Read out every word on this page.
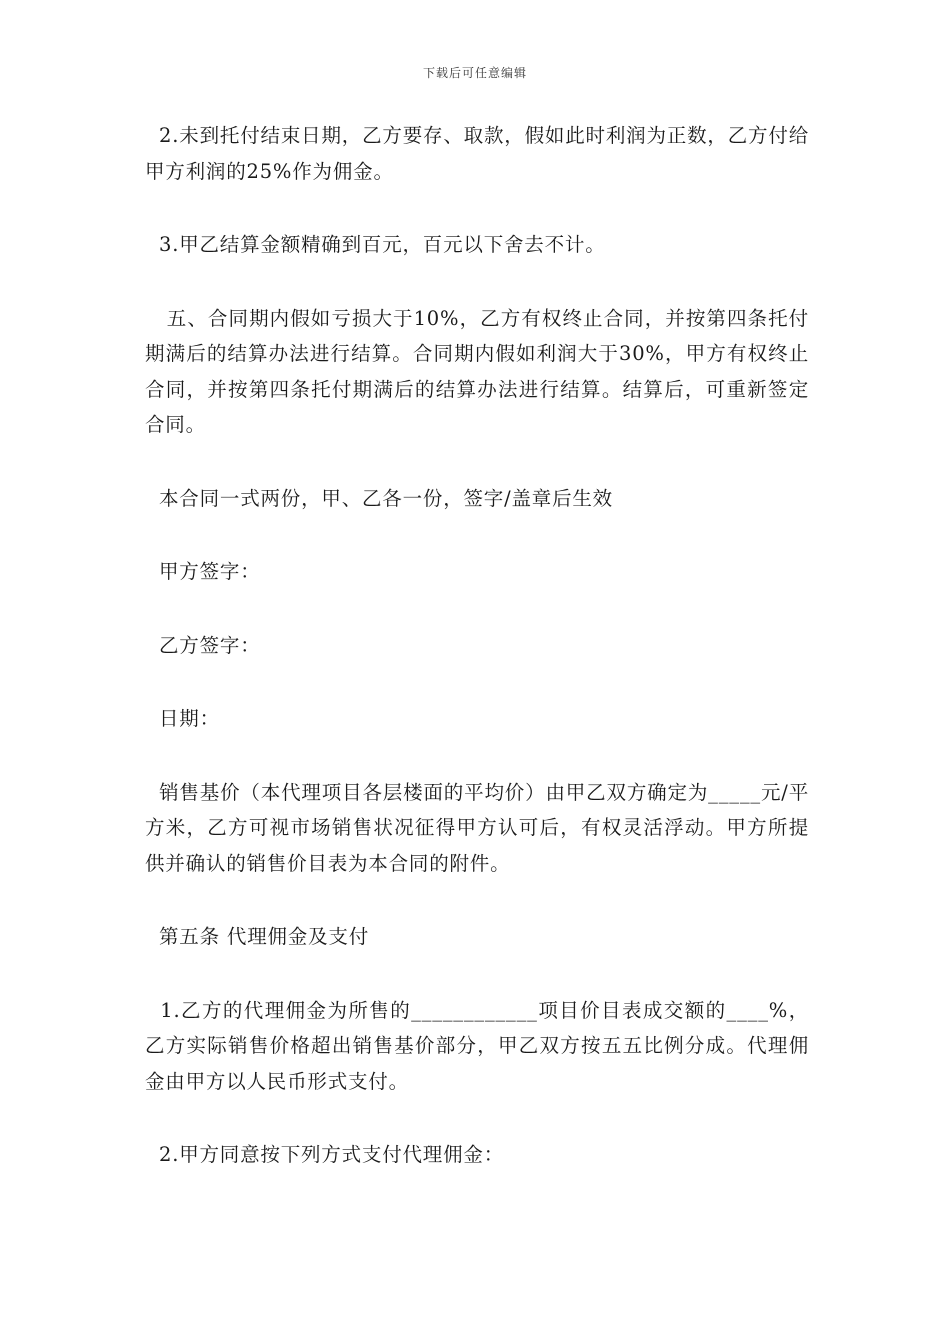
下载后可任意编辑

2.未到托付结束日期，乙方要存、取款，假如此时利润为正数，乙方付给甲方利润的25%作为佣金。

3.甲乙结算金额精确到百元，百元以下舍去不计。

五、合同期内假如亏损大于10%，乙方有权终止合同，并按第四条托付期满后的结算办法进行结算。合同期内假如利润大于30%，甲方有权终止合同，并按第四条托付期满后的结算办法进行结算。结算后，可重新签定合同。

本合同一式两份，甲、乙各一份，签字/盖章后生效

甲方签字：

乙方签字：

日期：

销售基价（本代理项目各层楼面的平均价）由甲乙双方确定为_____元/平方米，乙方可视市场销售状况征得甲方认可后，有权灵活浮动。甲方所提供并确认的销售价目表为本合同的附件。

第五条 代理佣金及支付

1.乙方的代理佣金为所售的____________项目价目表成交额的____%，乙方实际销售价格超出销售基价部分，甲乙双方按五五比例分成。代理佣金由甲方以人民币形式支付。

2.甲方同意按下列方式支付代理佣金：
